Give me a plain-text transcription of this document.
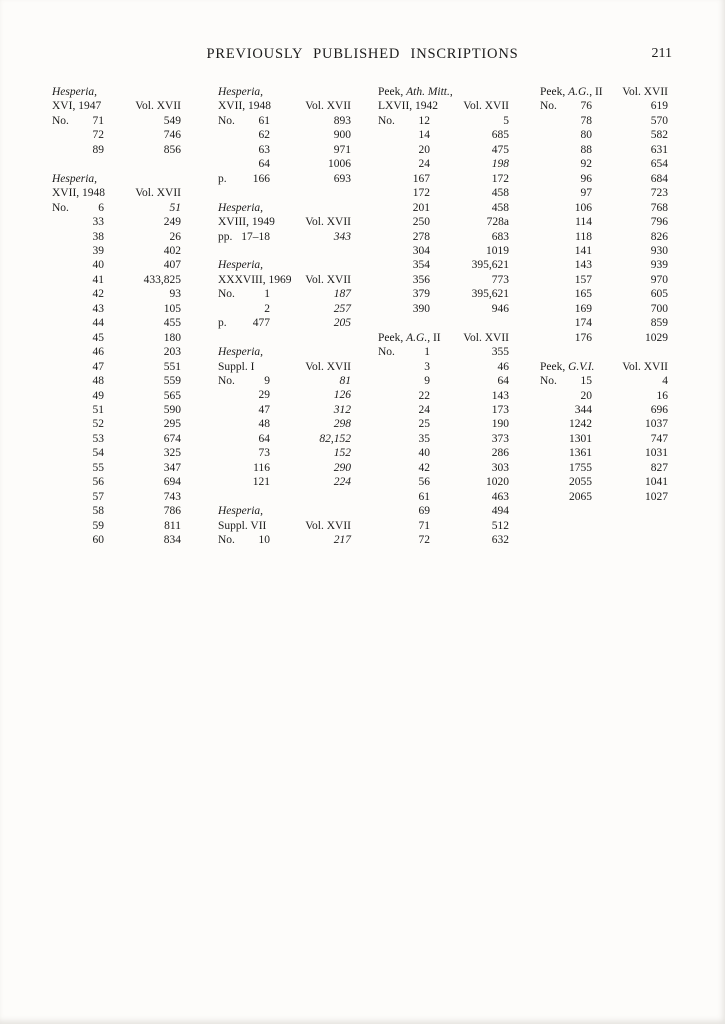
PREVIOUSLY PUBLISHED INSCRIPTIONS	211
Hesperia,
XVI, 1947	Vol. XVII
No.	71	549
72	746
89	856
Hesperia,
XVII, 1948	Vol. XVII
No.	6	51
33	249
38	26
39	402
40	407
41	433,825
42	93
43	105
44	455
45	180
46	203
47	551
48	559
49	565
51	590
52	295
53	674
54	325
55	347
56	694
57	743
58	786
59	811
60	834
Hesperia,
XVII, 1948	Vol. XVII
No.	61	893
62	900
63	971
64	1006
p.	166	693
Hesperia,
XVIII, 1949	Vol. XVII
pp. 17–18	343
Hesperia,
XXXVIII, 1969 Vol. XVII
No.	1	187
2	257
p.	477	205
Hesperia,
Suppl. I	Vol. XVII
No.	9	81
29	126
47	312
48	298
64	82,152
73	152
116	290
121	224
Hesperia,
Suppl. VII	Vol. XVII
No.	10	217
Peek, Ath. Mitt.,
LXVII, 1942 Vol. XVII
No.	12	5
14	685
20	475
24	198
167	172
172	458
201	458
250	728a
278	683
304	1019
354	395,621
356	773
379	395,621
390	946
Peek, A.G., II Vol. XVII
No.	1	355
3	46
9	64
22	143
24	173
25	190
35	373
40	286
42	303
56	1020
61	463
69	494
71	512
72	632
Peek, A.G., II Vol. XVII
No.	76	619
78	570
80	582
88	631
92	654
96	684
97	723
106	768
114	796
118	826
141	930
143	939
157	970
165	605
169	700
174	859
176	1029
Peek, G.V.I. Vol. XVII
No.	15	4
20	16
344	696
1242	1037
1301	747
1361	1031
1755	827
2055	1041
2065	1027
